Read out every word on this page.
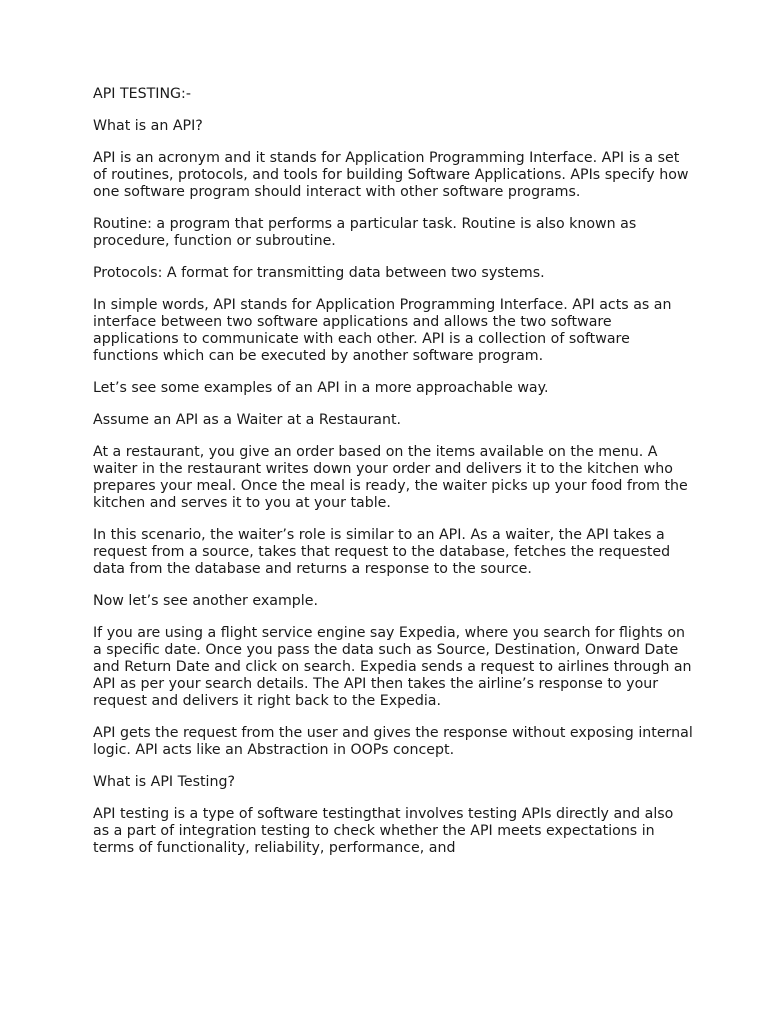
API TESTING:-

What is an API?

API is an acronym and it stands for Application Programming Interface. API is a set of routines, protocols, and tools for building Software Applications. APIs specify how one software program should interact with other software programs.

Routine: a program that performs a particular task. Routine is also known as procedure, function or subroutine.

Protocols: A format for transmitting data between two systems.

In simple words, API stands for Application Programming Interface. API acts as an interface between two software applications and allows the two software applications to communicate with each other. API is a collection of software functions which can be executed by another software program.

Let’s see some examples of an API in a more approachable way.

Assume an API as a Waiter at a Restaurant.

At a restaurant, you give an order based on the items available on the menu. A waiter in the restaurant writes down your order and delivers it to the kitchen who prepares your meal. Once the meal is ready, the waiter picks up your food from the kitchen and serves it to you at your table.

In this scenario, the waiter’s role is similar to an API. As a waiter, the API takes a request from a source, takes that request to the database, fetches the requested data from the database and returns a response to the source.

Now let’s see another example.

If you are using a flight service engine say Expedia, where you search for flights on a specific date. Once you pass the data such as Source, Destination, Onward Date and Return Date and click on search. Expedia sends a request to airlines through an API as per your search details. The API then takes the airline’s response to your request and delivers it right back to the Expedia.

API gets the request from the user and gives the response without exposing internal logic. API acts like an Abstraction in OOPs concept.

What is API Testing?

API testing is a type of software testingthat involves testing APIs directly and also as a part of integration testing to check whether the API meets expectations in terms of functionality, reliability, performance, and
